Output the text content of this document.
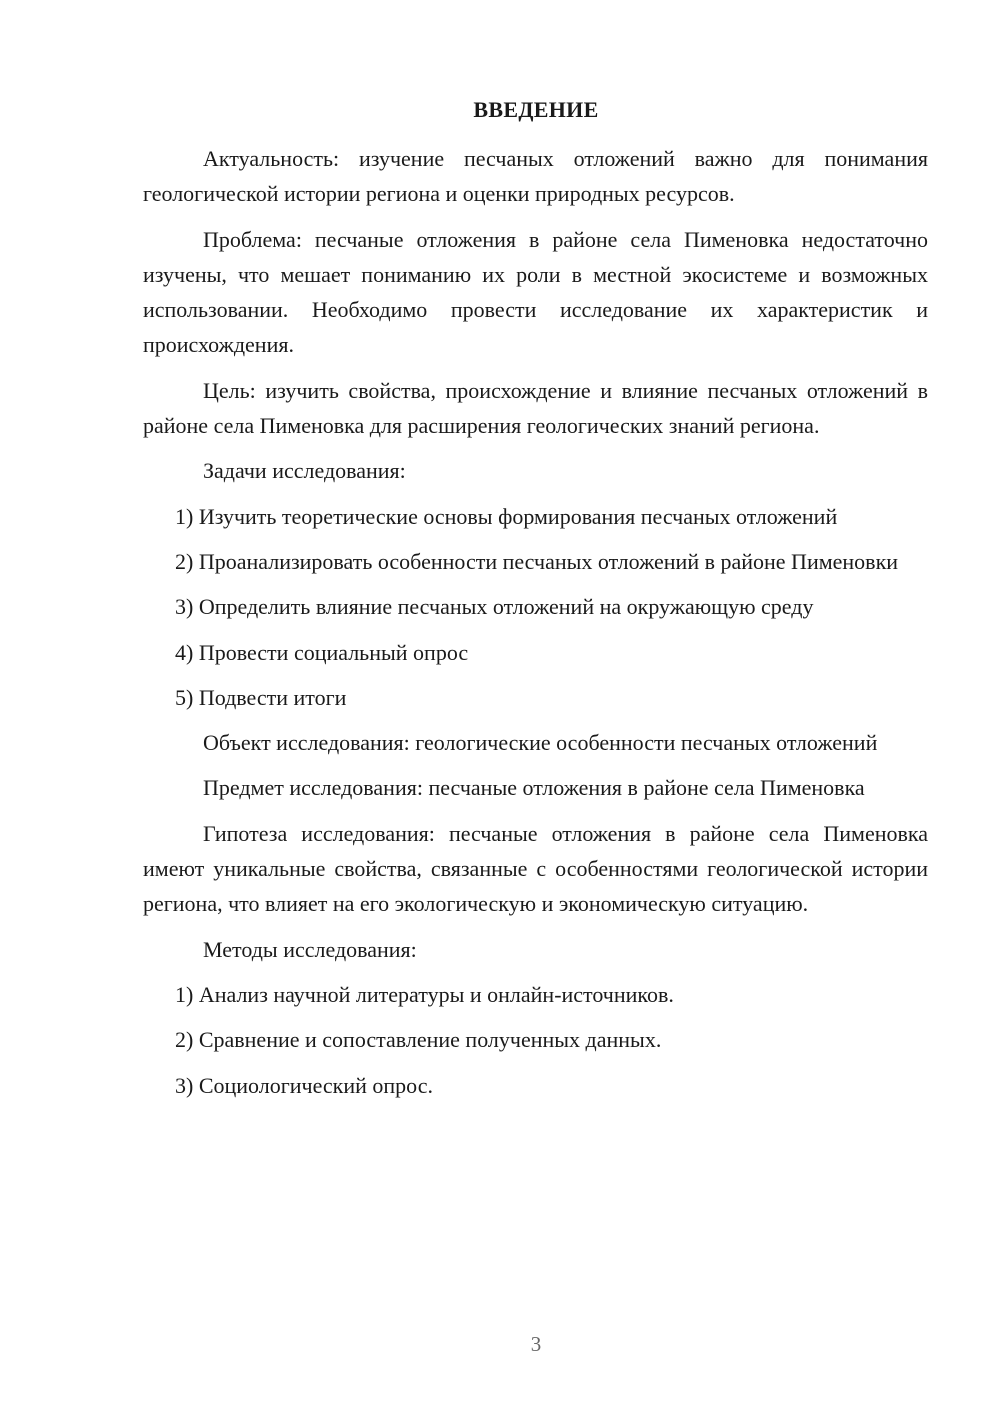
ВВЕДЕНИЕ

Актуальность: изучение песчаных отложений важно для понимания геологической истории региона и оценки природных ресурсов.

Проблема: песчаные отложения в районе села Пименовка недостаточно изучены, что мешает пониманию их роли в местной экосистеме и возможных использовании. Необходимо провести исследование их характеристик и происхождения.

Цель: изучить свойства, происхождение и влияние песчаных отложений в районе села Пименовка для расширения геологических знаний региона.

Задачи исследования:

1) Изучить теоретические основы формирования песчаных отложений

2) Проанализировать особенности песчаных отложений в районе Пименовки

3) Определить влияние песчаных отложений на окружающую среду

4) Провести социальный опрос

5) Подвести итоги

Объект исследования: геологические особенности песчаных отложений

Предмет исследования: песчаные отложения в районе села Пименовка

Гипотеза исследования: песчаные отложения в районе села Пименовка имеют уникальные свойства, связанные с особенностями геологической истории региона, что влияет на его экологическую и экономическую ситуацию.

Методы исследования:

1) Анализ научной литературы и онлайн-источников.

2) Сравнение и сопоставление полученных данных.

3) Социологический опрос.

3
